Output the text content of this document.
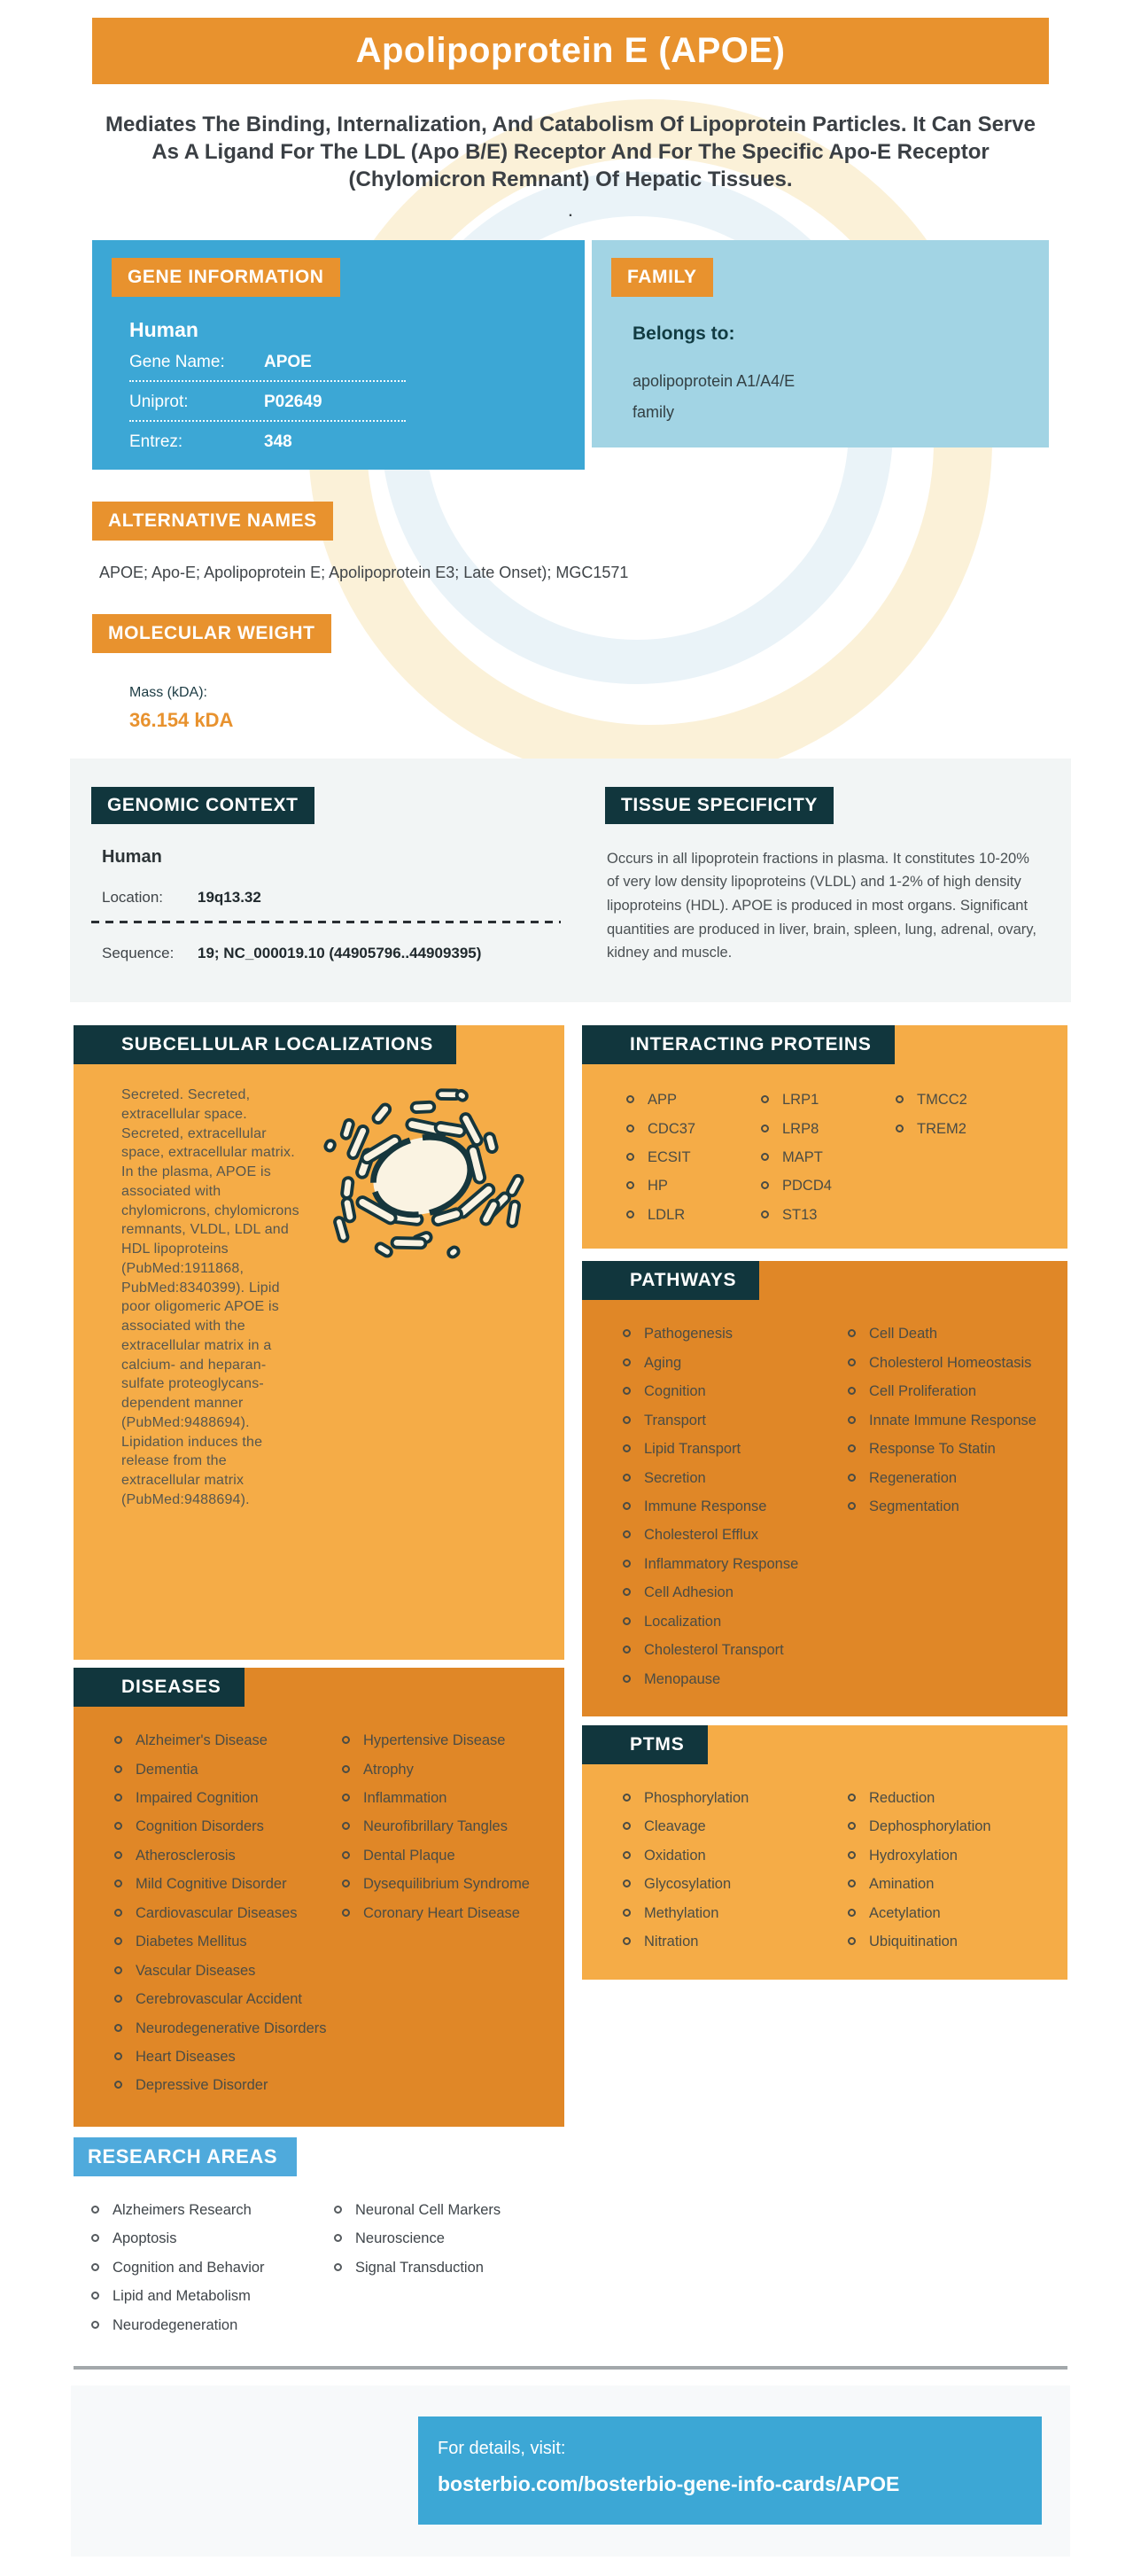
Apolipoprotein E (APOE)

Mediates The Binding, Internalization, And Catabolism Of Lipoprotein Particles. It Can Serve As A Ligand For The LDL (Apo B/E) Receptor And For The Specific Apo-E Receptor (Chylomicron Remnant) Of Hepatic Tissues.

.
GENE INFORMATION
Human
Gene Name:	APOE
Uniprot:	P02649
Entrez:	348
FAMILY
Belongs to:
apolipoprotein A1/A4/E
family
ALTERNATIVE NAMES

APOE; Apo-E; Apolipoprotein E; Apolipoprotein E3; Late Onset); MGC1571

MOLECULAR WEIGHT
Mass (kDA):
36.154 kDA
GENOMIC CONTEXT
Human
Location:	19q13.32
Sequence:	19; NC_000019.10 (44905796..44909395)
TISSUE SPECIFICITY

Occurs in all lipoprotein fractions in plasma. It constitutes 10-20% of very low density lipoproteins (VLDL) and 1-2% of high density lipoproteins (HDL). APOE is produced in most organs. Significant quantities are produced in liver, brain, spleen, lung, adrenal, ovary, kidney and muscle.

SUBCELLULAR LOCALIZATIONS

Secreted. Secreted, extracellular space. Secreted, extracellular space, extracellular matrix. In the plasma, APOE is associated with chylomicrons, chylomicrons remnants, VLDL, LDL and HDL lipoproteins (PubMed:1911868, PubMed:8340399). Lipid poor oligomeric APOE is associated with the extracellular matrix in a calcium- and heparan-sulfate proteoglycans-dependent manner (PubMed:9488694). Lipidation induces the release from the extracellular matrix (PubMed:9488694).

DISEASES
Alzheimer's Disease
Dementia
Impaired Cognition
Cognition Disorders
Atherosclerosis
Mild Cognitive Disorder
Cardiovascular Diseases
Diabetes Mellitus
Vascular Diseases
Cerebrovascular Accident
Neurodegenerative Disorders
Heart Diseases
Depressive Disorder
Hypertensive Disease
Atrophy
Inflammation
Neurofibrillary Tangles
Dental Plaque
Dysequilibrium Syndrome
Coronary Heart Disease
RESEARCH AREAS
Alzheimers Research
Apoptosis
Cognition and Behavior
Lipid and Metabolism
Neurodegeneration
Neuronal Cell Markers
Neuroscience
Signal Transduction
INTERACTING PROTEINS
APP
CDC37
ECSIT
HP
LDLR
LRP1
LRP8
MAPT
PDCD4
ST13
TMCC2
TREM2
PATHWAYS
Pathogenesis
Aging
Cognition
Transport
Lipid Transport
Secretion
Immune Response
Cholesterol Efflux
Inflammatory Response
Cell Adhesion
Localization
Cholesterol Transport
Menopause
Cell Death
Cholesterol Homeostasis
Cell Proliferation
Innate Immune Response
Response To Statin
Regeneration
Segmentation
PTMS
Phosphorylation
Cleavage
Oxidation
Glycosylation
Methylation
Nitration
Reduction
Dephosphorylation
Hydroxylation
Amination
Acetylation
Ubiquitination
For details, visit:
bosterbio.com/bosterbio-gene-info-cards/APOE
